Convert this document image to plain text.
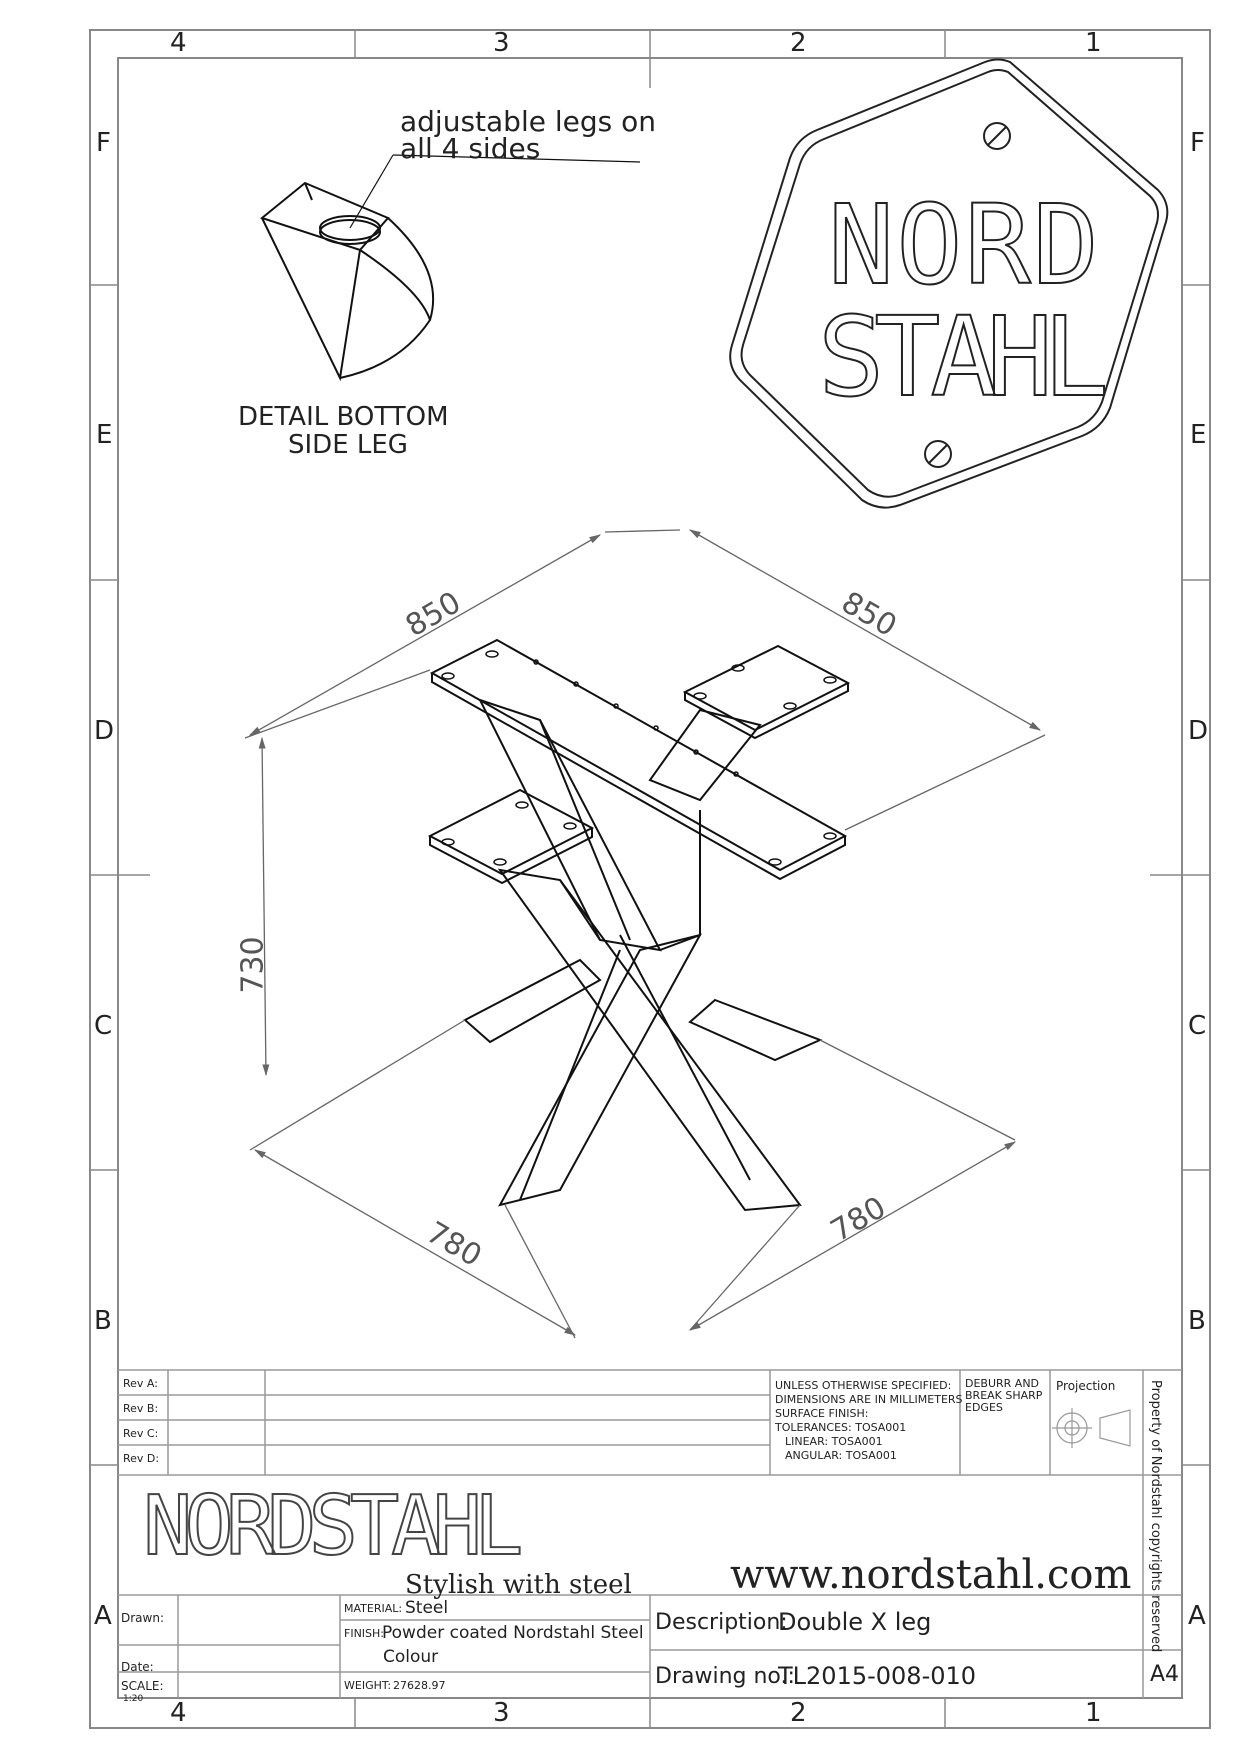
4	3	2	1
4	3	2	1
F
E
D
C
B
A
F
E
D
C
B
A
adjustable legs on
all 4 sides
DETAIL BOTTOM
SIDE LEG
NORD
STAHL
850	850
730
780	780
Rev A:
Rev B:
Rev C:
Rev D:
UNLESS OTHERWISE SPECIFIED:
DIMENSIONS ARE IN MILLIMETERS
SURFACE FINISH:
TOLERANCES: TOSA001
LINEAR: TOSA001
ANGULAR: TOSA001
DEBURR AND
BREAK SHARP
EDGES
Projection	Property of Nordstahl copyrights reserved
NORDSTAHL
Stylish with steel www.nordstahl.com
Drawn:
Date:
SCALE:
1:20
MATERIAL: Steel
FINISH:
Powder coated Nordstahl Steel
Colour
WEIGHT: 27628.97
Description:
Double X leg
Drawing no.:
TL2015-008-010	A4
